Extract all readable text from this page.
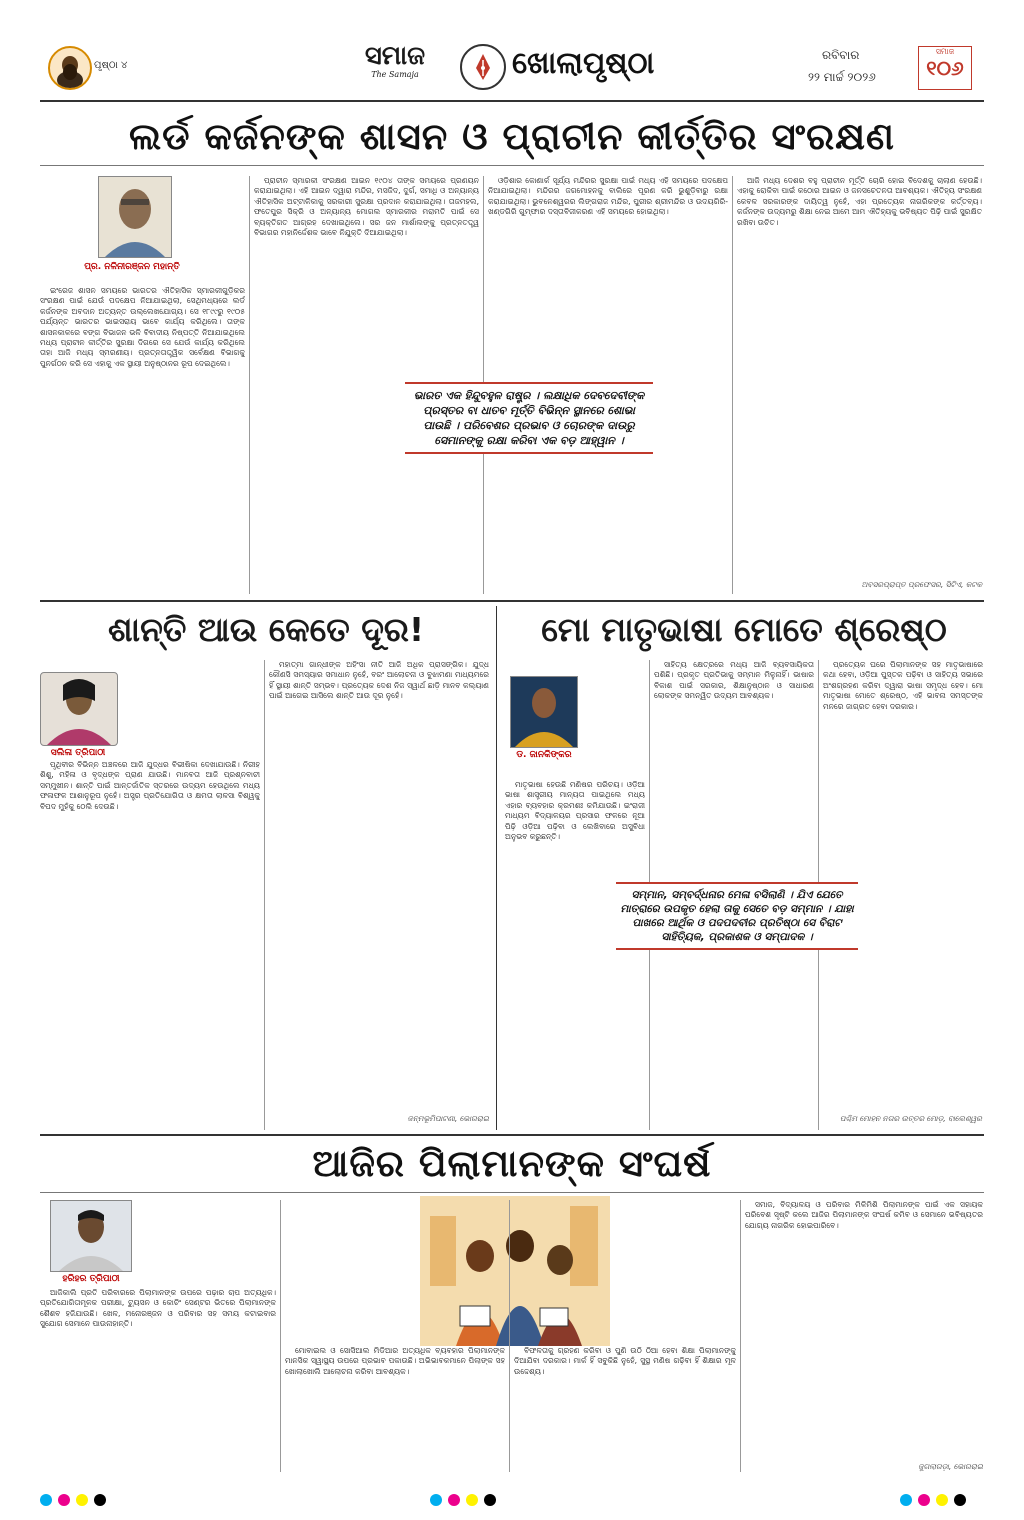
ପୃଷ୍ଠା ୪	ସମାଜ
The Samaja	ଖୋଲାପୃଷ୍ଠା	ରବିବାର
୨୨ ମାର୍ଚ୍ଚ ୨୦୨୬
ସମାଜ
୧୦୬
ଲର୍ଡ କର୍ଜନଙ୍କ ଶାସନ ଓ ପ୍ରାଚୀନ କୀର୍ତ୍ତିର ସଂରକ୍ଷଣ
ପ୍ର. ନଳିନୀରଞ୍ଜନ ମହାନ୍ତି

ଇଂରେଜ ଶାସନ ସମୟରେ ଭାରତର ଐତିହାସିକ ସ୍ମାରକୀଗୁଡ଼ିକର ସଂରକ୍ଷଣ ପାଇଁ ଯେଉଁ ପଦକ୍ଷେପ ନିଆଯାଇଥିଲା, ସେଥିମଧ୍ୟରେ ଲର୍ଡ କର୍ଜନଙ୍କ ଅବଦାନ ଅତ୍ୟନ୍ତ ଉଲ୍ଲେଖଯୋଗ୍ୟ। ସେ ୧୮୯୯ରୁ ୧୯୦୫ ପର୍ଯ୍ୟନ୍ତ ଭାରତର ଭାଇସରାୟ ଭାବେ କାର୍ଯ୍ୟ କରିଥିଲେ। ତାଙ୍କ ଶାସନକାଳରେ ବଙ୍ଗ ବିଭାଜନ ଭଳି ବିବାଦୀୟ ନିଷ୍ପତ୍ତି ନିଆଯାଇଥିଲେ ମଧ୍ୟ ପ୍ରାଚୀନ କୀର୍ତ୍ତିର ସୁରକ୍ଷା ଦିଗରେ ସେ ଯେଉଁ କାର୍ଯ୍ୟ କରିଥିଲେ ତାହା ଆଜି ମଧ୍ୟ ସ୍ମରଣୀୟ। ପ୍ରତ୍ନତାତ୍ତ୍ୱିକ ସର୍ବେକ୍ଷଣ ବିଭାଗକୁ ପୁନର୍ଗଠନ କରି ସେ ଏହାକୁ ଏକ ସ୍ଥାୟୀ ଅନୁଷ୍ଠାନର ରୂପ ଦେଇଥିଲେ।

ପ୍ରାଚୀନ ସ୍ମାରକୀ ସଂରକ୍ଷଣ ଆଇନ ୧୯୦୪ ତାଙ୍କ ସମୟରେ ପ୍ରଣୟନ କରାଯାଇଥିଲା। ଏହି ଆଇନ ଦ୍ୱାରା ମନ୍ଦିର, ମସଜିଦ, ଦୁର୍ଗ, ସମାଧି ଓ ଅନ୍ୟାନ୍ୟ ଐତିହାସିକ ଅଟ୍ଟାଳିକାକୁ ସରକାରୀ ସୁରକ୍ଷା ପ୍ରଦାନ କରାଯାଇଥିଲା। ତାଜମହଲ, ଫତେପୁର ସିକ୍ରି ଓ ଅନ୍ୟାନ୍ୟ ମୋଗଲ ସ୍ମାରକୀର ମରାମତି ପାଇଁ ସେ ବ୍ୟକ୍ତିଗତ ଆଗ୍ରହ ଦେଖାଇଥିଲେ। ସର ଜନ ମାର୍ଶାଲଙ୍କୁ ପ୍ରତ୍ନତତ୍ତ୍ୱ ବିଭାଗର ମହାନିର୍ଦ୍ଦେଶକ ଭାବେ ନିଯୁକ୍ତି ଦିଆଯାଇଥିଲା।

ଓଡ଼ିଶାର କୋଣାର୍କ ସୂର୍ଯ୍ୟ ମନ୍ଦିରର ସୁରକ୍ଷା ପାଇଁ ମଧ୍ୟ ଏହି ସମୟରେ ପଦକ୍ଷେପ ନିଆଯାଇଥିଲା। ମନ୍ଦିରର ଜଗମୋହନକୁ ବାଲିରେ ପୂରଣ କରି ଭୁଶୁଡ଼ିବାରୁ ରକ୍ଷା କରାଯାଇଥିଲା। ଭୁବନେଶ୍ୱରର ଲିଙ୍ଗରାଜ ମନ୍ଦିର, ପୁରୀର ଶ୍ରୀମନ୍ଦିର ଓ ଉଦୟଗିରି-ଖଣ୍ଡଗିରି ଗୁମ୍ଫାର ଦସ୍ତାବିଜୀକରଣ ଏହି ସମୟରେ ହୋଇଥିଲା।

ଆଜି ମଧ୍ୟ ଦେଶର ବହୁ ପ୍ରାଚୀନ ମୂର୍ତ୍ତି ଚୋରି ହୋଇ ବିଦେଶକୁ ଚାଲାଣ ହେଉଛି। ଏହାକୁ ରୋକିବା ପାଇଁ କଠୋର ଆଇନ ଓ ଜନସଚେତନତା ଆବଶ୍ୟକ। ଐତିହ୍ୟ ସଂରକ୍ଷଣ କେବଳ ସରକାରଙ୍କ ଦାୟିତ୍ୱ ନୁହେଁ, ଏହା ପ୍ରତ୍ୟେକ ନାଗରିକଙ୍କ କର୍ତ୍ତବ୍ୟ। କର୍ଜନଙ୍କ ଉଦ୍ୟମରୁ ଶିକ୍ଷା ନେଇ ଆମେ ଆମ ଐତିହ୍ୟକୁ ଭବିଷ୍ୟତ ପିଢ଼ି ପାଇଁ ସୁରକ୍ଷିତ ରଖିବା ଉଚିତ।

ଭାରତ ଏକ ହିନ୍ଦୁବହୁଳ ରାଷ୍ଟ୍ର । ଲକ୍ଷାଧିକ ଦେବଦେବୀଙ୍କ ପ୍ରସ୍ତର ବା ଧାତବ ମୂର୍ତ୍ତି ବିଭିନ୍ନ ସ୍ଥାନରେ ଶୋଭା ପାଉଛି । ପରିବେଶର ପ୍ରଭାବ ଓ ଚୋରଙ୍କ ଦାଉରୁ ସେମାନଙ୍କୁ ରକ୍ଷା କରିବା ଏକ ବଡ଼ ଆହ୍ୱାନ ।
ଅବସରପ୍ରାପ୍ତ ପ୍ରଫେସର, ସିଟିଏ, କଟକ
ଶାନ୍ତି ଆଉ କେତେ ଦୂର!
ସଲିଳା ତ୍ରିପାଠୀ

ପୃଥିବୀର ବିଭିନ୍ନ ଅଞ୍ଚଳରେ ଆଜି ଯୁଦ୍ଧର ବିଭୀଷିକା ଦେଖାଯାଉଛି। ନିରୀହ ଶିଶୁ, ମହିଳା ଓ ବୃଦ୍ଧଙ୍କ ପ୍ରାଣ ଯାଉଛି। ମାନବତା ଆଜି ପ୍ରଶ୍ନବାଚୀ ସମ୍ମୁଖୀନ। ଶାନ୍ତି ପାଇଁ ଆନ୍ତର୍ଜାତିକ ସ୍ତରରେ ଉଦ୍ୟମ ହେଉଥିଲେ ମଧ୍ୟ ଫଳାଫଳ ଆଶାନୁରୂପ ନୁହେଁ। ଅସ୍ତ୍ର ପ୍ରତିଯୋଗିତା ଓ କ୍ଷମତା ଲାଳସା ବିଶ୍ୱକୁ ବିପଦ ମୁହଁକୁ ଠେଲି ଦେଉଛି।

ମହାତ୍ମା ଗାନ୍ଧୀଙ୍କ ଅହିଂସା ନୀତି ଆଜି ଅଧିକ ପ୍ରାସଙ୍ଗିକ। ଯୁଦ୍ଧ କୌଣସି ସମସ୍ୟାର ସମାଧାନ ନୁହେଁ, ବରଂ ଆଲୋଚନା ଓ ବୁଝାମଣା ମାଧ୍ୟମରେ ହିଁ ସ୍ଥାୟୀ ଶାନ୍ତି ସମ୍ଭବ। ପ୍ରତ୍ୟେକ ଦେଶ ନିଜ ସ୍ୱାର୍ଥ ଛାଡ଼ି ମାନବ କଲ୍ୟାଣ ପାଇଁ ଆଗେଇ ଆସିଲେ ଶାନ୍ତି ଆଉ ଦୂର ନୁହେଁ।

ଜନ୍ମଭୂମିପାଟଣା, ଭୋଗରାଇ
ମୋ ମାତୃଭାଷା ମୋତେ ଶ୍ରେଷ୍ଠ
ଡ. ଜାନକିଙ୍କର

ମାତୃଭାଷା ହେଉଛି ମଣିଷର ପରିଚୟ। ଓଡ଼ିଆ ଭାଷା ଶାସ୍ତ୍ରୀୟ ମାନ୍ୟତା ପାଇଥିଲେ ମଧ୍ୟ ଏହାର ବ୍ୟବହାର କ୍ରମଶଃ କମିଯାଉଛି। ଇଂରାଜୀ ମାଧ୍ୟମ ବିଦ୍ୟାଳୟର ପ୍ରସାର ଫଳରେ ନୂଆ ପିଢ଼ି ଓଡ଼ିଆ ପଢ଼ିବା ଓ ଲେଖିବାରେ ଅସୁବିଧା ଅନୁଭବ କରୁଛନ୍ତି।

ସାହିତ୍ୟ କ୍ଷେତ୍ରରେ ମଧ୍ୟ ଆଜି ବ୍ୟବସାୟିକତା ପଶିଛି। ପ୍ରକୃତ ପ୍ରତିଭାକୁ ସମ୍ମାନ ମିଳୁନାହିଁ। ଭାଷାର ବିକାଶ ପାଇଁ ସରକାର, ଶିକ୍ଷାନୁଷ୍ଠାନ ଓ ସାଧାରଣ ଲୋକଙ୍କ ସମନ୍ୱିତ ଉଦ୍ୟମ ଆବଶ୍ୟକ।

ପ୍ରତ୍ୟେକ ଘରେ ପିଲାମାନଙ୍କ ସହ ମାତୃଭାଷାରେ କଥା ହେବା, ଓଡ଼ିଆ ପୁସ୍ତକ ପଢ଼ିବା ଓ ସାହିତ୍ୟ ସଭାରେ ଅଂଶଗ୍ରହଣ କରିବା ଦ୍ୱାରା ଭାଷା ସମୃଦ୍ଧ ହେବ। ମୋ ମାତୃଭାଷା ମୋତେ ଶ୍ରେଷ୍ଠ, ଏହି ଭାବନା ସମସ୍ତଙ୍କ ମନରେ ଜାଗ୍ରତ ହେବା ଦରକାର।

ସମ୍ମାନ, ସମ୍ବର୍ଦ୍ଧନାର ମେଳା ବସିଲାଣି । ଯିଏ ଯେତେ ମାତ୍ରାରେ ଉପକୃତ ହେଲା ତାକୁ ସେତେ ବଡ଼ ସମ୍ମାନ । ଯାହା ପାଖରେ ଆର୍ଥିକ ଓ ପଦପଦବୀର ପ୍ରତିଷ୍ଠା ସେ ବିରାଟ ସାହିତ୍ୟିକ, ପ୍ରକାଶକ ଓ ସମ୍ପାଦକ ।
ପଶ୍ଚିମ ମୋହନ ନଗର ଉତ୍ତର ମୋଡ଼, ବାଲେଶ୍ୱର
ଆଜିର ପିଲାମାନଙ୍କ ସଂଘର୍ଷ
ହରିହର ତ୍ରିପାଠୀ

ଆଜିକାଲି ପ୍ରତି ପରିବାରରେ ପିଲାମାନଙ୍କ ଉପରେ ପଢ଼ାର ଚାପ ଅତ୍ୟଧିକ। ପ୍ରତିଯୋଗିତାମୂଳକ ପରୀକ୍ଷା, ଟ୍ୟୁସନ ଓ କୋଚିଂ ସେଣ୍ଟର ଭିତରେ ପିଲାମାନଙ୍କ ଶୈଶବ ହଜିଯାଉଛି। ଖେଳ, ମନୋରଞ୍ଜନ ଓ ପରିବାର ସହ ସମୟ କଟାଇବାର ସୁଯୋଗ ସେମାନେ ପାଉନାହାନ୍ତି।

ମୋବାଇଲ ଓ ସୋସିଆଲ ମିଡିଆର ଅତ୍ୟଧିକ ବ୍ୟବହାର ପିଲାମାନଙ୍କ ମାନସିକ ସ୍ୱାସ୍ଥ୍ୟ ଉପରେ ପ୍ରଭାବ ପକାଉଛି। ଅଭିଭାବକମାନେ ପିଲାଙ୍କ ସହ ଖୋଲାଖୋଲି ଆଲୋଚନା କରିବା ଆବଶ୍ୟକ।

ବିଫଳତାକୁ ଗ୍ରହଣ କରିବା ଓ ପୁଣି ଉଠି ଠିଆ ହେବା ଶିକ୍ଷା ପିଲାମାନଙ୍କୁ ଦିଆଯିବା ଦରକାର। ମାର୍କ ହିଁ ସବୁକିଛି ନୁହେଁ, ସୁସ୍ଥ ମଣିଷ ଗଢ଼ିବା ହିଁ ଶିକ୍ଷାର ମୂଳ ଉଦ୍ଦେଶ୍ୟ।

ସମାଜ, ବିଦ୍ୟାଳୟ ଓ ପରିବାର ମିଳିମିଶି ପିଲାମାନଙ୍କ ପାଇଁ ଏକ ସହାୟକ ପରିବେଶ ସୃଷ୍ଟି କଲେ ଆଜିର ପିଲାମାନଙ୍କ ସଂଘର୍ଷ କମିବ ଓ ସେମାନେ ଭବିଷ୍ୟତର ଯୋଗ୍ୟ ନାଗରିକ ହୋଇପାରିବେ।

ଜୁଗଲାଗଡ଼ା, ଭୋଗରାଇ
